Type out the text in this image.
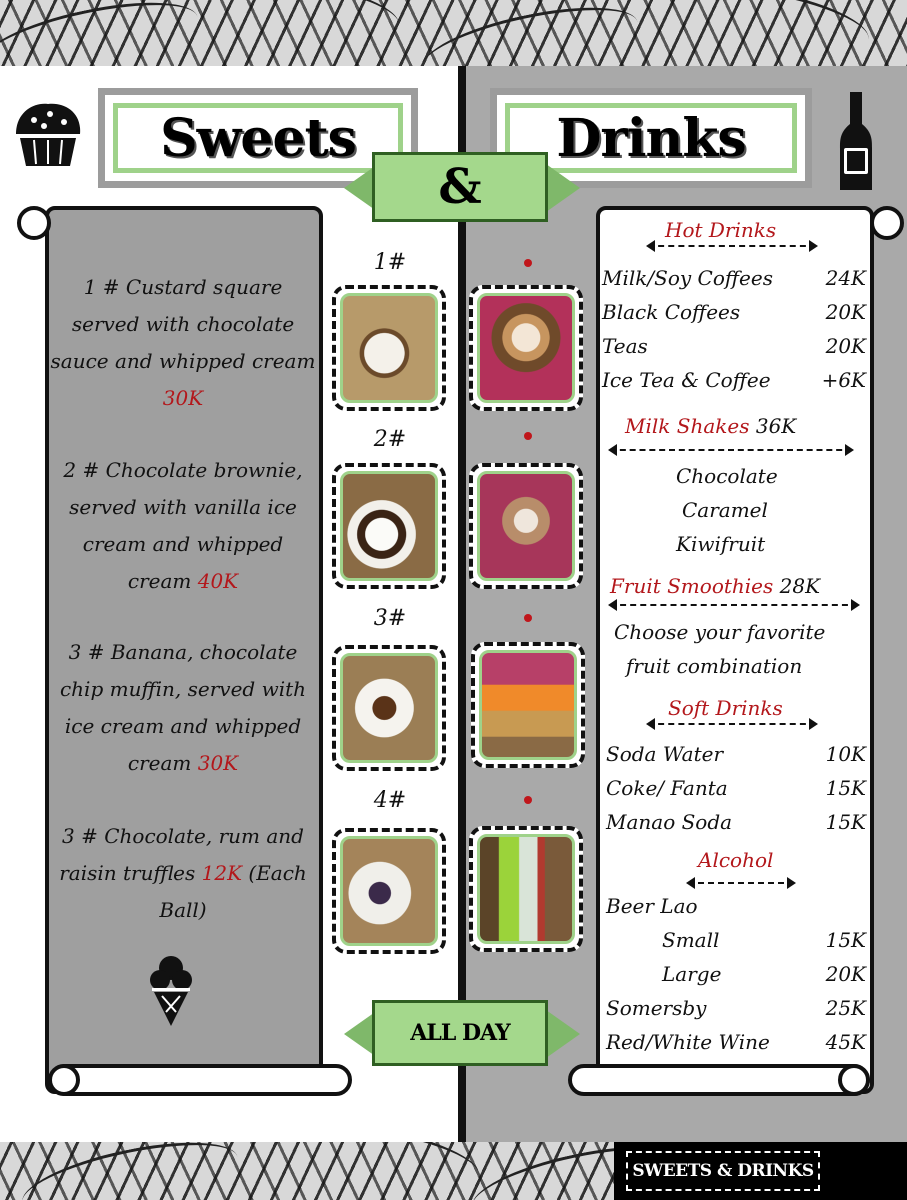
Sweets	Drinks
&
1 # Custard square served with chocolate sauce and whipped cream 30K
2 # Chocolate brownie, served with vanilla ice cream and whipped cream 40K
3 # Banana, chocolate chip muffin, served with ice cream and whipped cream 30K
3 # Chocolate, rum and raisin truffles 12K (Each Ball)
1#
2#
3#
4#
Hot Drinks
Milk/Soy Coffees	24K
Black Coffees	20K
Teas	20K
Ice Tea & Coffee	+6K
Milk Shakes 36K
Chocolate
Caramel
Kiwifruit
Fruit Smoothies 28K
Choose your favorite
fruit combination
Soft Drinks
Soda Water	10K
Coke/ Fanta	15K
Manao Soda	15K
Alcohol
Beer Lao
Small	15K
Large	20K
Somersby	25K
Red/White Wine	45K
ALL DAY
SWEETS & DRINKS
